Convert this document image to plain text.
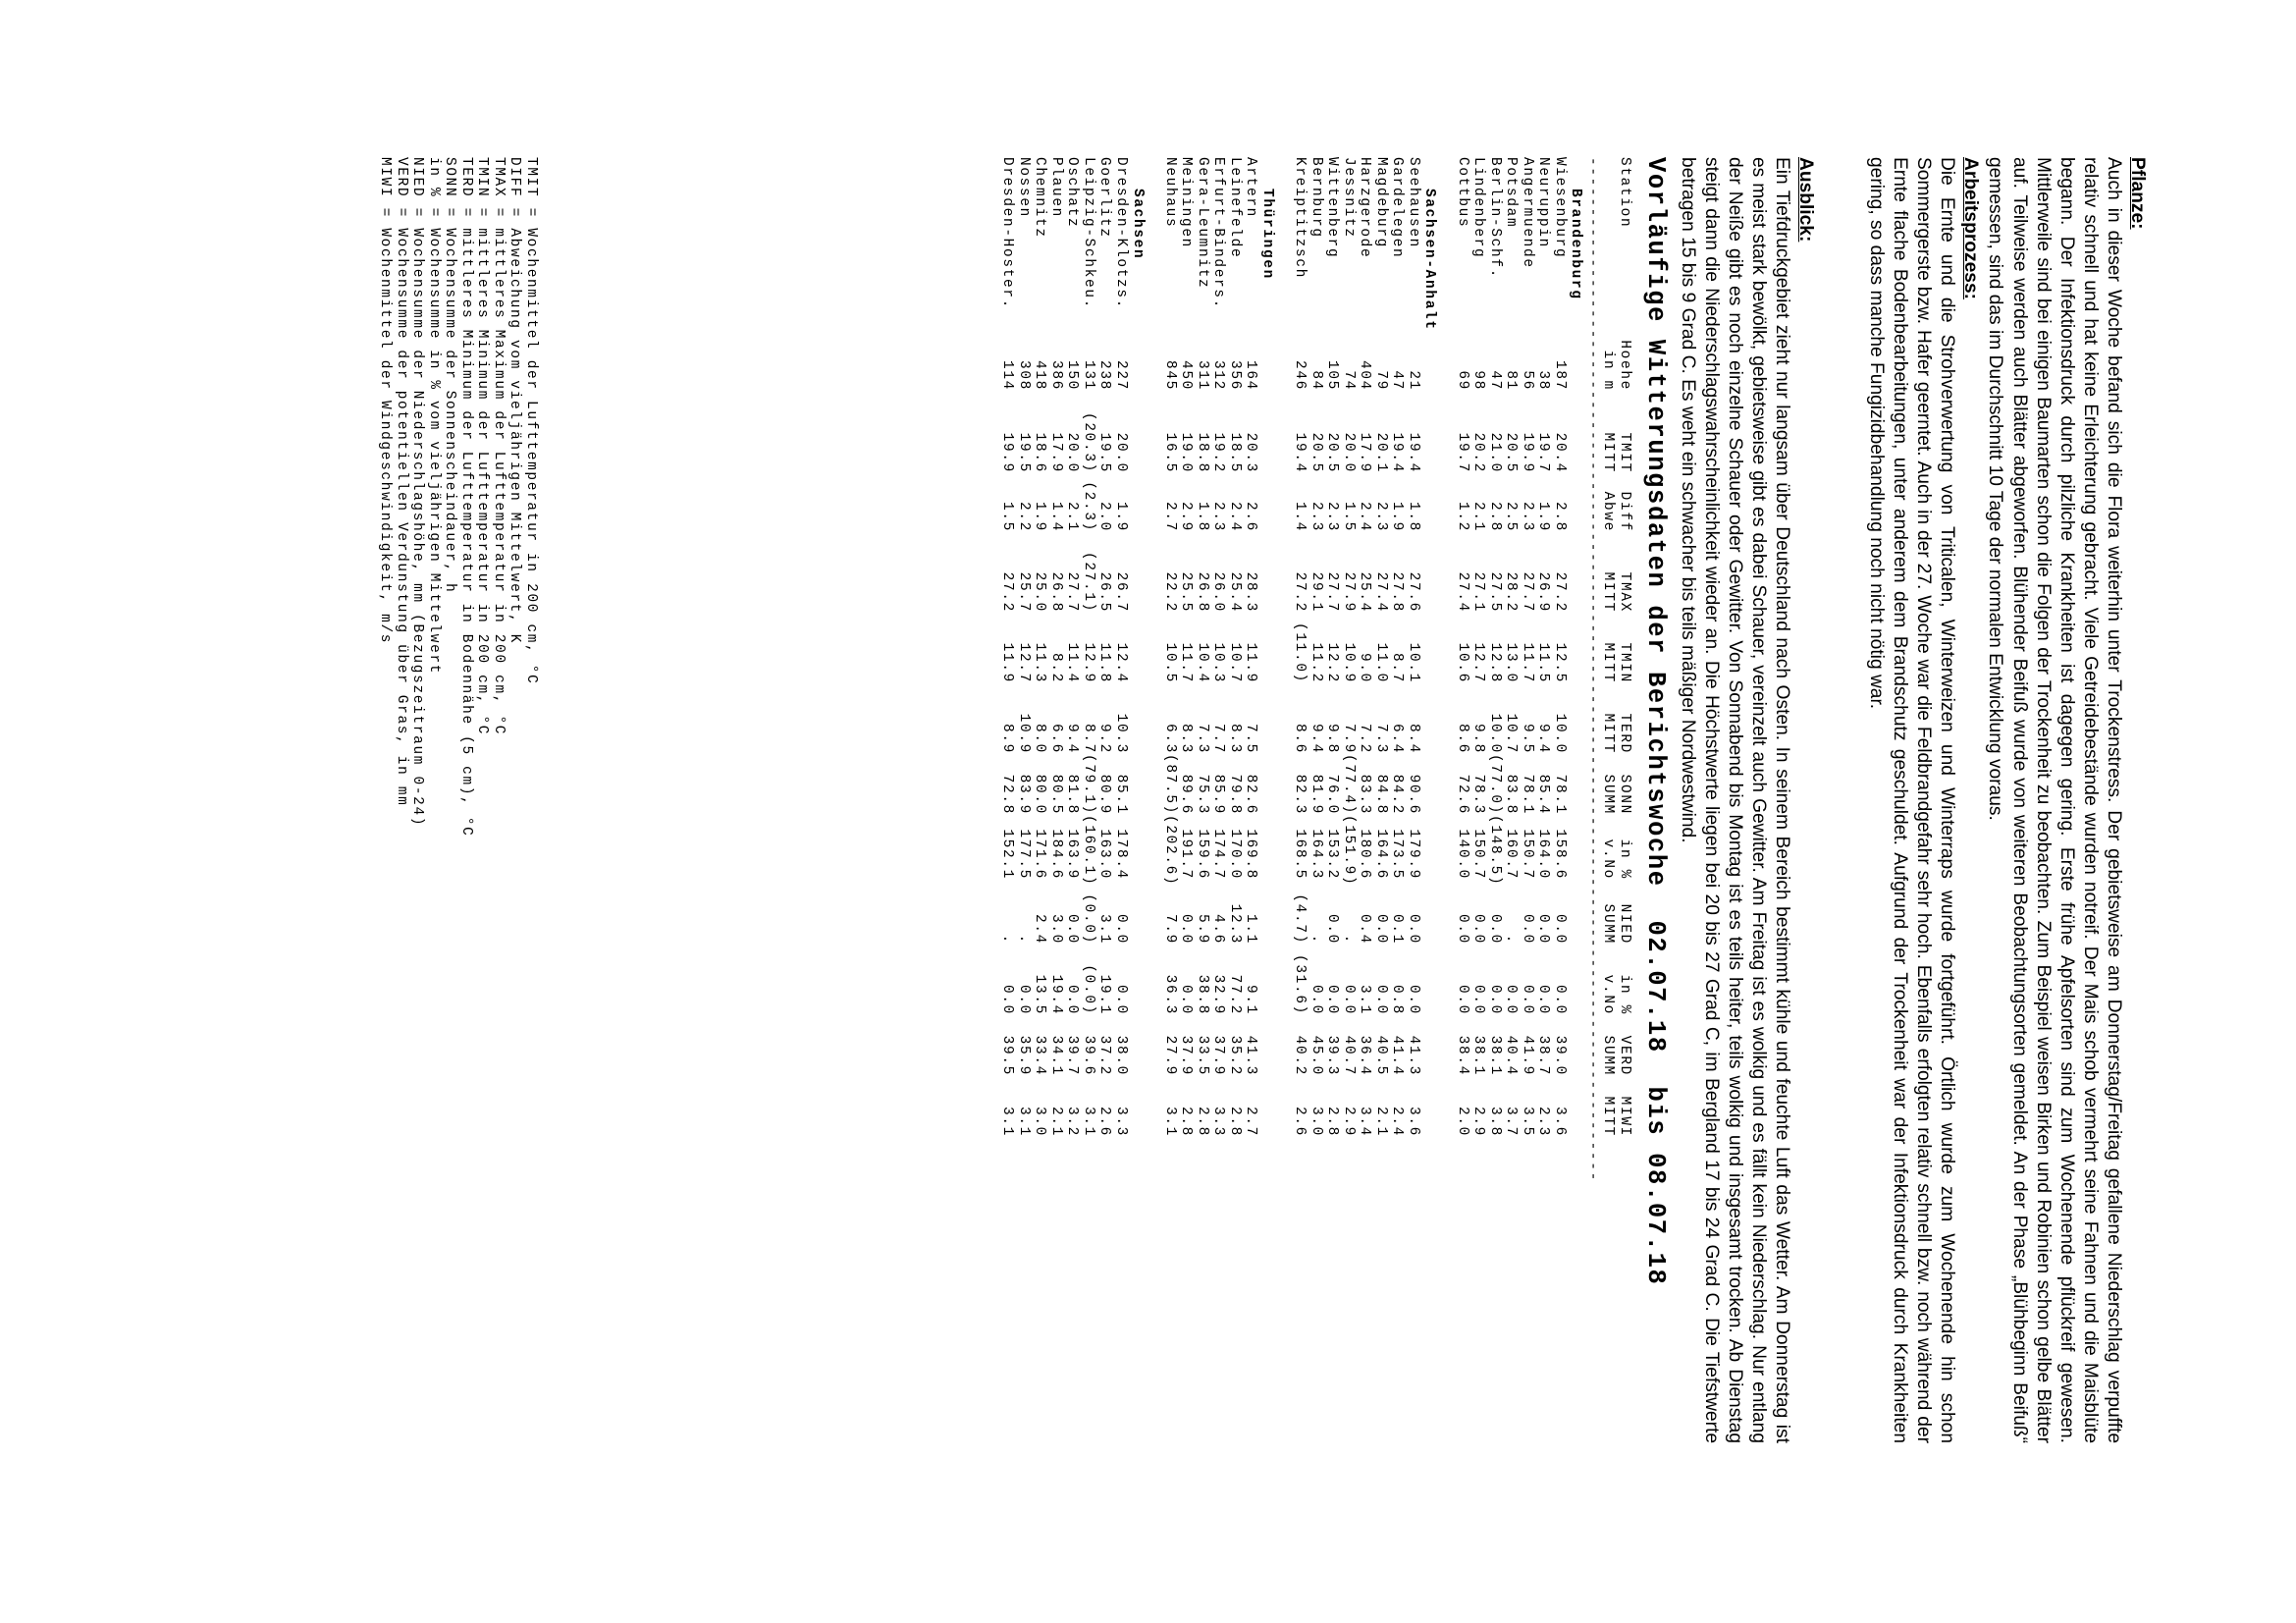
Pflanze:

Auch in dieser Woche befand sich die Flora weiterhin unter Trockenstress. Der gebietsweise am Donnerstag/Freitag gefallene Niederschlag verpuffte relativ schnell und hat keine Erleichterung gebracht. Viele Getreidebestände wurden notreif. Der Mais schob vermehrt seine Fahnen und die Maisblüte begann. Der Infektionsdruck durch pilzliche Krankheiten ist dagegen gering. Erste frühe Apfelsorten sind zum Wochenende pflückreif gewesen. Mittlerweile sind bei einigen Baumarten schon die Folgen der Trockenheit zu beobachten. Zum Beispiel weisen Birken und Robinien schon gelbe Blätter auf. Teilweise werden auch Blätter abgeworfen. Blühender Beifuß wurde von weiteren Beobachtungsorten gemeldet. An der Phase „Blühbeginn Beifuß“ gemessen, sind das im Durchschnitt 10 Tage der normalen Entwicklung voraus.

Arbeitsprozess:

Die Ernte und die Strohverwertung von Triticalen, Winterweizen und Winterraps wurde fortgeführt. Örtlich wurde zum Wochenende hin schon Sommergerste bzw. Hafer geerntet. Auch in der 27. Woche war die Feldbrandgefahr sehr hoch. Ebenfalls erfolgten relativ schnell bzw. noch während der Ernte flache Bodenbearbeitungen, unter anderem dem Brandschutz geschuldet. Aufgrund der Trockenheit war der Infektionsdruck durch Krankheiten gering, so dass manche Fungizidbehandlung noch nicht nötig war.

Ausblick:

Ein Tiefdruckgebiet zieht nur langsam über Deutschland nach Osten. In seinem Bereich bestimmt kühle und feuchte Luft das Wetter. Am Donnerstag ist es meist stark bewölkt, gebietsweise gibt es dabei Schauer, vereinzelt auch Gewitter. Am Freitag ist es wolkig und es fällt kein Niederschlag. Nur entlang der Neiße gibt es noch einzelne Schauer oder Gewitter. Von Sonnabend bis Montag ist es teils heiter, teils wolkig und insgesamt trocken. Ab Dienstag steigt dann die Niederschlagswahrscheinlichkeit wieder an. Die Höchstwerte liegen bei 20 bis 27 Grad C, im Bergland 17 bis 24 Grad C. Die Tiefstwerte betragen 15 bis 9 Grad C. Es weht ein schwacher bis teils mäßiger Nordwestwind.

Vorläufige Witterungsdaten der Berichtswoche  02.07.18  bis 08.07.18
Station
Hoehe
TMIT
Diff
TMAX
TMIN
TERD
SONN
in %
NIED
in %
VERD
MIWI
in m
MITT
Abwe
MITT
MITT
MITT
SUMM
v.No
SUMM
v.No
SUMM
MITT
-----------------------------------------------------------------------------------------------------
Brandenburg
Wiesenburg
187
20.4
2.8
27.2
12.5
10.0
78.1
158.6
0.0
0.0
39.0
3.6
Neuruppin
38
19.7
1.9
26.9
11.5
9.4
85.4
164.0
0.0
0.0
38.7
2.3
Angermuende
56
19.9
2.3
27.7
11.7
9.5
78.1
150.7
0.0
0.0
41.9
3.5
Potsdam
81
20.5
2.5
28.2
13.0
10.7
83.8
160.7
.
0.0
40.4
3.7
Berlin-Schf.
47
21.0
2.8
27.5
12.8
10.0
(77.0)
(148.5)
0.0
0.0
38.1
3.8
Lindenberg
98
20.2
2.1
27.1
12.7
9.8
78.3
150.7
0.0
0.0
38.1
2.9
Cottbus
69
19.7
1.2
27.4
10.6
8.6
72.6
140.0
0.0
0.0
38.4
2.0
Sachsen-Anhalt
Seehausen
21
19.4
1.8
27.6
10.1
8.4
90.6
179.9
0.0
0.0
41.3
3.6
Gardelegen
47
19.4
1.9
27.8
8.7
6.4
84.2
173.5
0.1
0.8
41.4
2.4
Magdeburg
79
20.1
2.3
27.4
11.0
7.3
84.8
164.6
0.0
0.0
40.5
2.1
Harzgerode
404
17.9
2.4
25.4
9.0
7.2
83.3
180.6
0.4
3.1
36.4
3.4
Jessnitz
74
20.0
1.5
27.9
10.9
7.9
(77.4)
(151.9)
.
0.0
40.7
2.9
Wittenberg
105
20.5
2.3
27.7
12.2
9.8
76.0
153.2
0.0
0.0
39.3
2.8
Bernburg
84
20.5
2.3
29.1
11.2
9.4
81.9
164.3
.
0.0
45.0
3.0
Kreiptitzsch
246
19.4
1.4
27.2
(11.0)
8.6
82.3
168.5
(4.7)
(31.6)
40.2
2.6
Thüringen
Artern
164
20.3
2.6
28.3
11.9
7.5
82.6
169.8
1.1
9.1
41.3
2.7
Leinefelde
356
18.5
2.4
25.4
10.7
8.3
79.8
170.0
12.3
77.2
35.2
2.8
Erfurt-Binders.
312
19.2
2.3
26.0
10.3
7.7
85.9
174.7
4.6
32.9
37.9
3.3
Gera-Leumnitz
311
18.8
1.8
26.8
10.4
7.3
75.3
159.6
5.9
38.8
33.5
2.8
Meiningen
450
19.0
2.9
25.5
11.7
8.3
89.6
191.7
0.0
0.0
37.9
2.8
Neuhaus
845
16.5
2.7
22.2
10.5
6.3
(87.5)
(202.6)
7.9
36.3
27.9
3.1
Sachsen
Dresden-Klotzs.
227
20.0
1.9
26.7
12.4
10.3
85.1
178.4
0.0
0.0
38.0
3.3
Goerlitz
238
19.5
2.0
26.5
11.8
9.2
80.9
163.0
3.1
19.1
37.2
2.6
Leipzig-Schkeu.
131
(20.3)
(2.3)
(27.1)
12.9
8.7
(79.1)
(160.1)
(0.0)
(0.0)
39.6
3.1
Oschatz
150
20.0
2.1
27.7
11.4
9.4
81.8
163.9
0.0
0.0
39.7
3.2
Plauen
386
17.9
1.4
26.8
8.2
6.6
80.5
184.6
3.0
19.4
34.1
2.1
Chemnitz
418
18.6
1.9
25.0
11.3
8.0
80.0
171.6
2.4
13.5
33.4
3.0
Nossen
308
19.5
2.2
25.7
12.7
10.9
83.9
177.5
.
0.0
35.9
3.1
Dresden-Hoster.
114
19.9
1.5
27.2
11.9
8.9
72.8
152.1
.
0.0
39.5
3.1
TMIT = Wochenmittel der Lufttemperatur in 200 cm, °C
DIFF = Abweichung vom vieljährigen Mittelwert, K
TMAX = mittleres Maximum der Lufttemperatur in 200 cm, °C
TMIN = mittleres Minimum der Lufttemperatur in 200 cm, °C
TERD = mittleres Minimum der Lufttemperatur in Bodennähe (5 cm), °C
SONN = Wochensumme der Sonnenscheindauer, h
in % = Wochensumme in % vom vieljährigen Mittelwert
NIED = Wochensumme der Niederschlagshöhe, mm (Bezugszeitraum 0-24)
VERD = Wochensumme der potentiellen Verdunstung über Gras, in mm
MIWI = Wochenmittel der Windgeschwindigkeit, m/s
